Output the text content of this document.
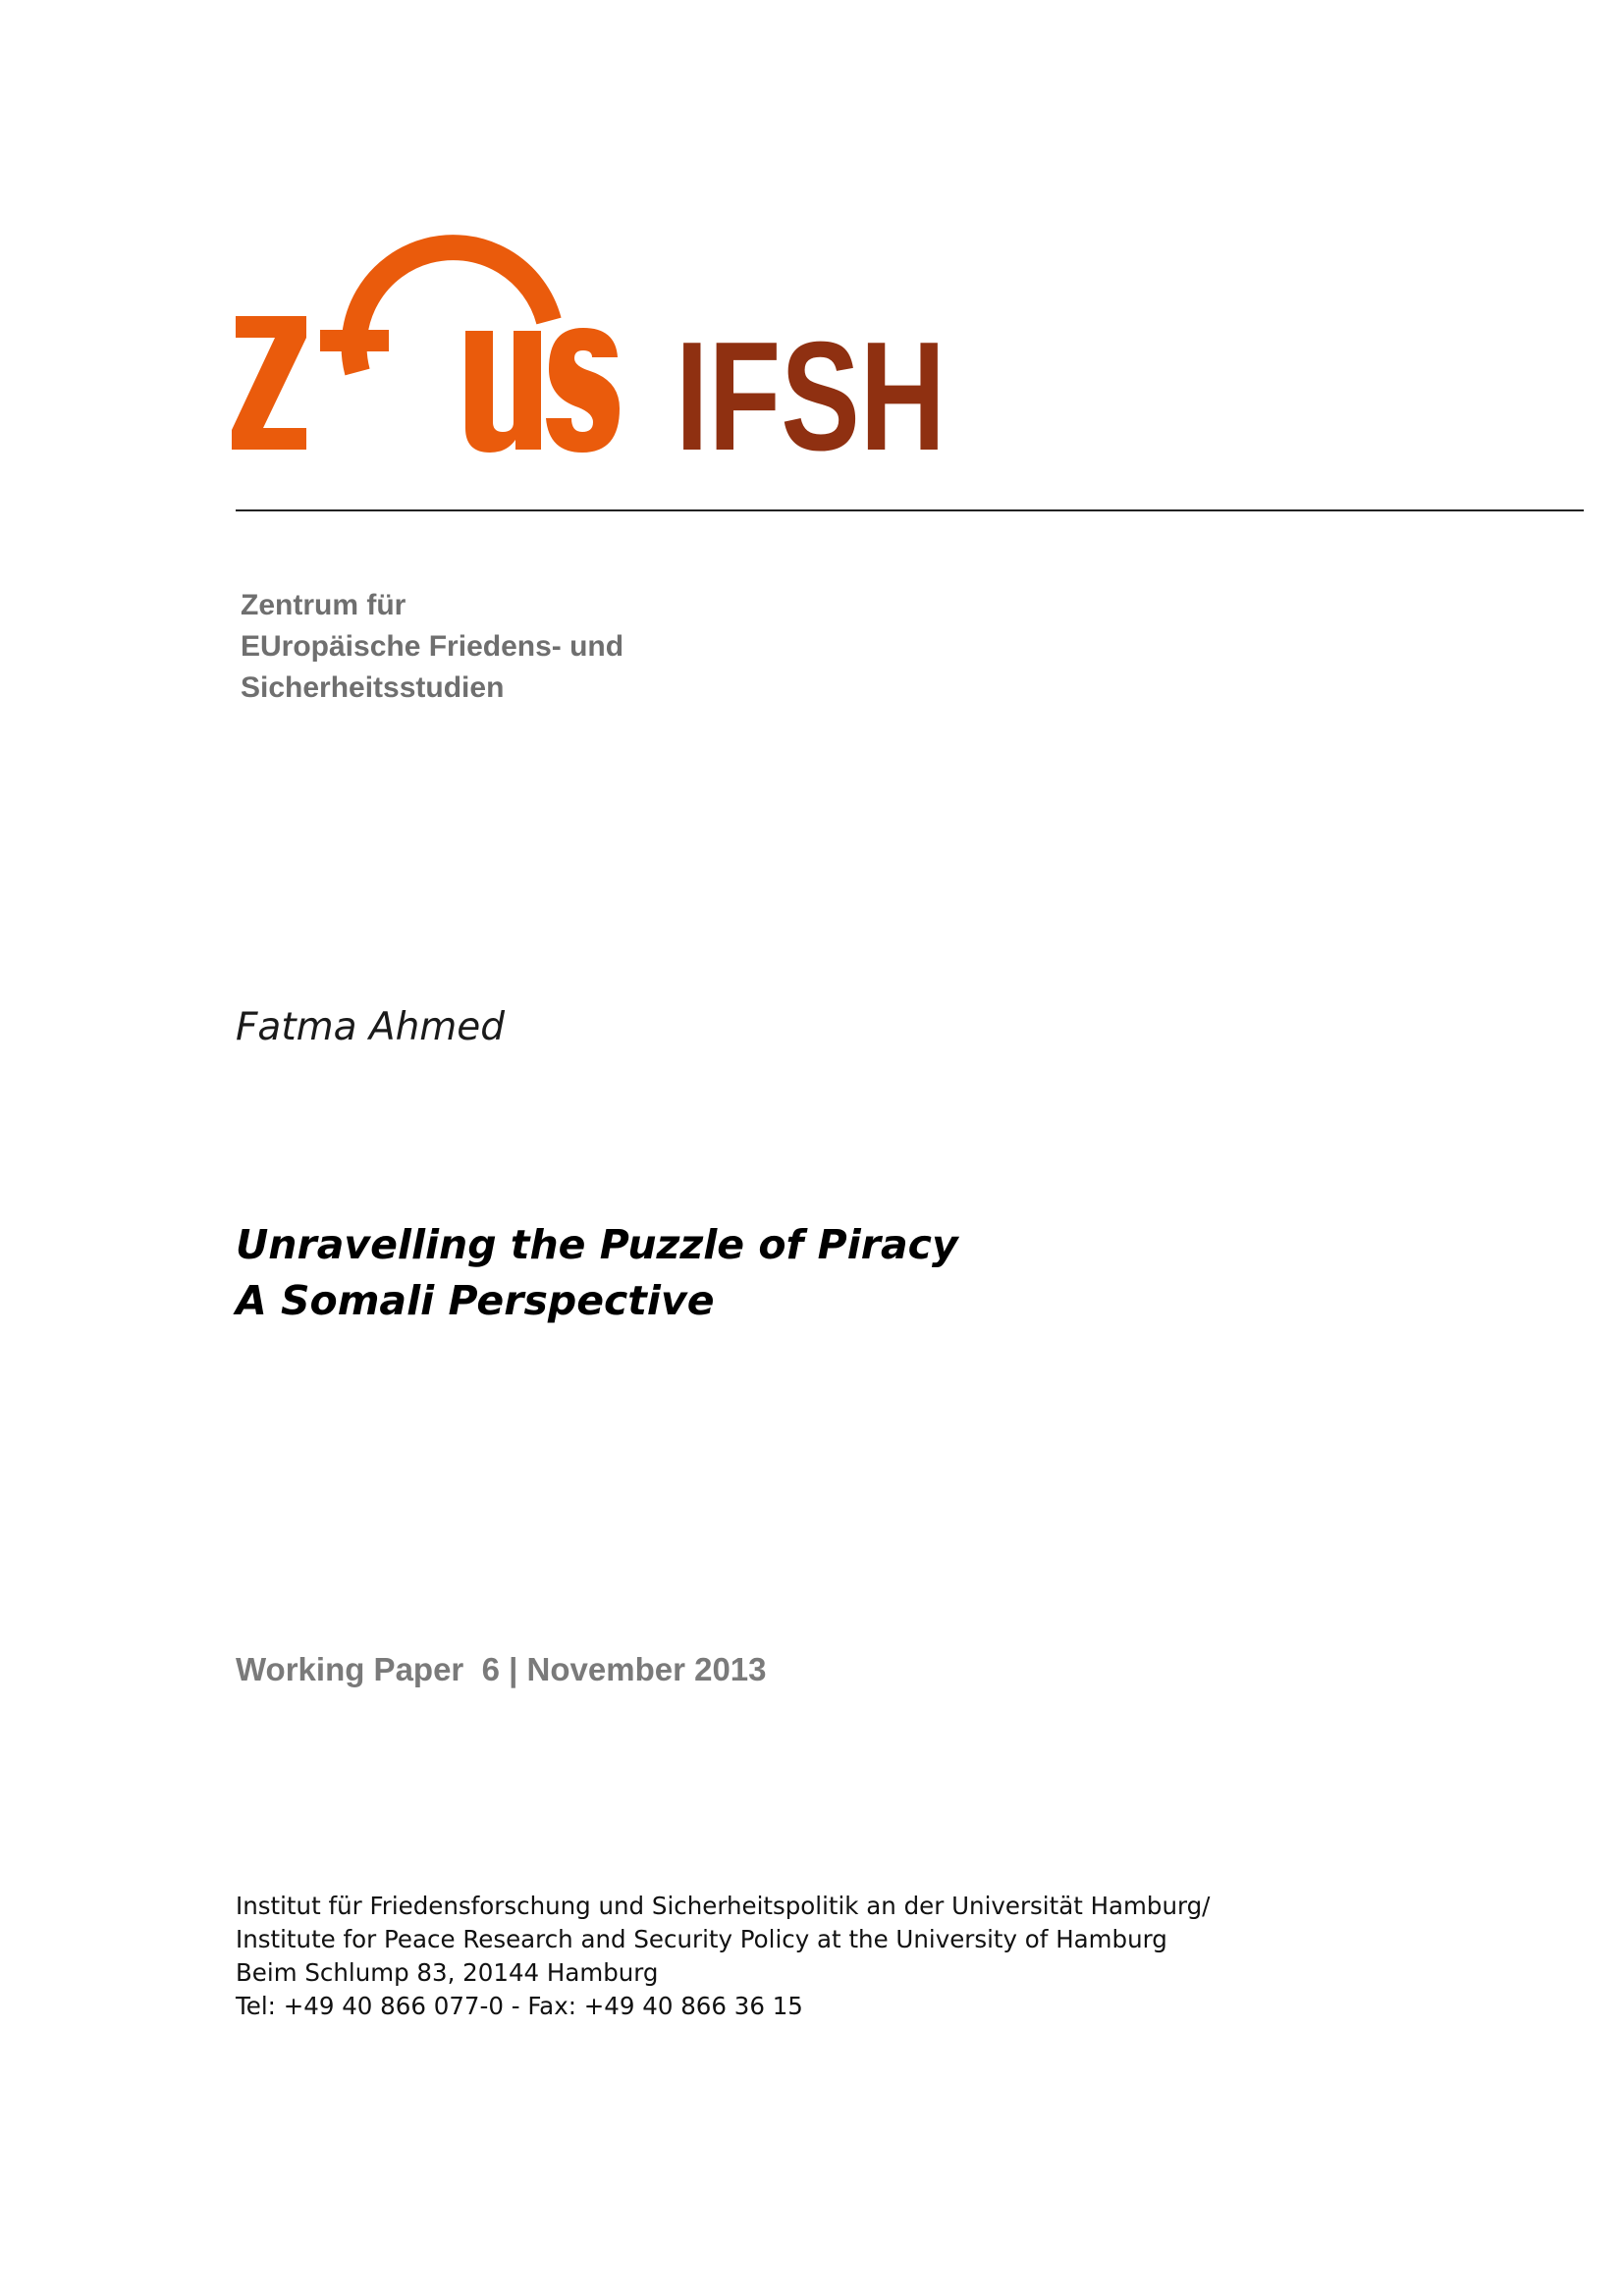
IFSH
Zentrum für
EUropäische Friedens- und
Sicherheitsstudien
Fatma Ahmed
Unravelling the Puzzle of Piracy
A Somali Perspective
Working Paper  6 | November 2013
Institut für Friedensforschung und Sicherheitspolitik an der Universität Hamburg/
Institute for Peace Research and Security Policy at the University of Hamburg
Beim Schlump 83, 20144 Hamburg
Tel: +49 40 866 077-0 - Fax: +49 40 866 36 15
